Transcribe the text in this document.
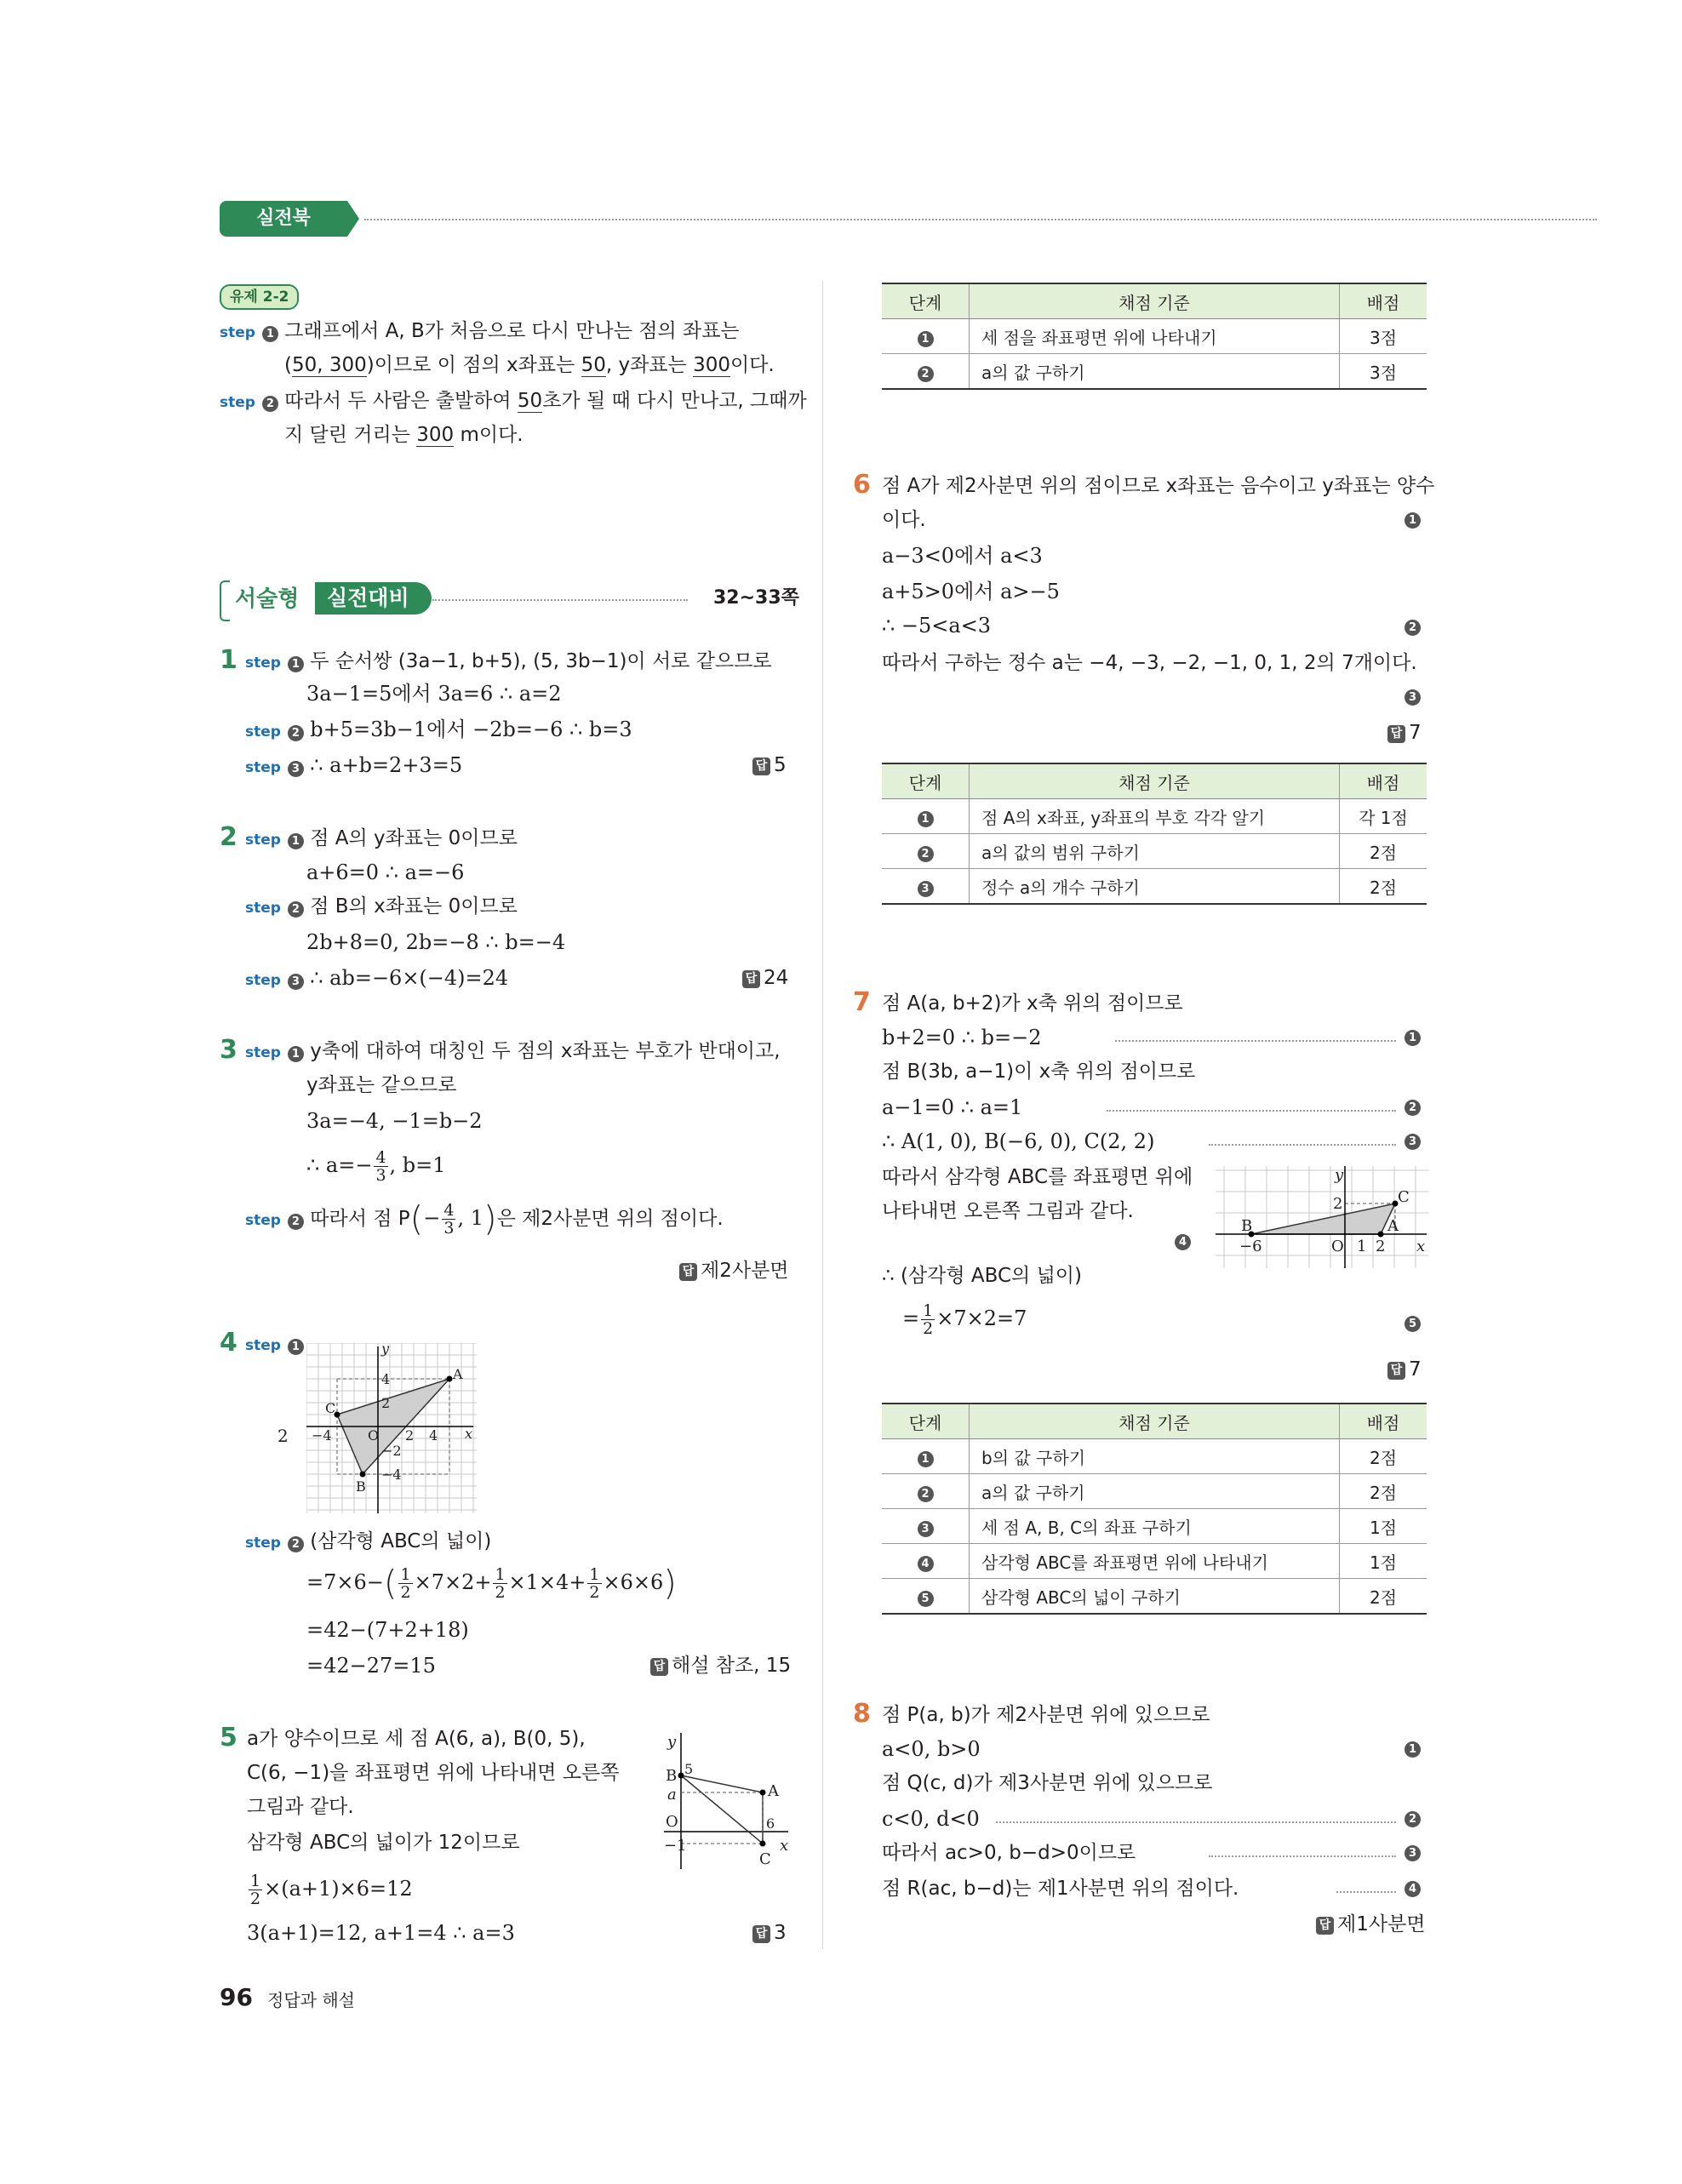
실전북
유제 2-2
step 1 그래프에서 A, B가 처음으로 다시 만나는 점의 좌표는
(50, 300)이므로 이 점의 x좌표는 50, y좌표는 300이다.
step 2 따라서 두 사람은 출발하여 50초가 될 때 다시 만나고, 그때까
지 달린 거리는 300 m이다.
서술형	실전대비	32~33쪽
1 step 1 두 순서쌍 (3a−1, b+5), (5, 3b−1)이 서로 같으므로
3a−1=5에서 3a=6 ∴ a=2
step 2 b+5=3b−1에서 −2b=−6 ∴ b=3
step 3 ∴ a+b=2+3=5	답 5
2 step 1 점 A의 y좌표는 0이므로
a+6=0 ∴ a=−6
step 2 점 B의 x좌표는 0이므로
2b+8=0, 2b=−8 ∴ b=−4
step 3 ∴ ab=−6×(−4)=24	답 24
3 step 1 y축에 대하여 대칭인 두 점의 x좌표는 부호가 반대이고,
y좌표는 같으므로
3a=−4, −1=b−2
∴ $a=- \frac{4}{3}$ , b=1
step 2 따라서 점 $P(- \frac{4}{3}$ , 1)은 제2사분면 위의 점이다.
답 제2사분면
4 step 1
2
y
x
O
A
C
B
4
2
−4
4
2
−2
−4
step 2 (삼각형 ABC의 넓이)
$=7\times 6-( \frac{1}{2} \times 7\times 2+ \frac{1}{2} \times 1\times 4+ \frac{1}{2} \times 6\times 6)$
=42−(7+2+18)
=42−27=15	답 해설 참조, 15
5 a가 양수이므로 세 점 A(6, a), B(0, 5),
C(6, −1)을 좌표평면 위에 나타내면 오른쪽
그림과 같다.
삼각형 ABC의 넓이가 12이므로
$\frac{1}{2} \times(a+1)\times 6=12$
3(a+1)=12, a+1=4 ∴ a=3	답 3
y
x
B 5
a
O
−1
A
6
C
단계	채점 기준	배점
1	세 점을 좌표평면 위에 나타내기	3점
2	a의 값 구하기	3점
6 점 A가 제2사분면 위의 점이므로 x좌표는 음수이고 y좌표는 양수
이다.	1
a−3<0에서 a<3
a+5>0에서 a>−5
∴ −5<a<3	2
따라서 구하는 정수 a는 −4, −3, −2, −1, 0, 1, 2의 7개이다.
3
답 7
단계	채점 기준	배점
1	점 A의 x좌표, y좌표의 부호 각각 알기	각 1점
2	a의 값의 범위 구하기	2점
3	정수 a의 개수 구하기	2점
7 점 A(a, b+2)가 x축 위의 점이므로
b+2=0 ∴ b=−2	1
점 B(3b, a−1)이 x축 위의 점이므로
a−1=0 ∴ a=1	2
∴ A(1, 0), B(−6, 0), C(2, 2)	3
따라서 삼각형 ABC를 좌표평면 위에
나타내면 오른쪽 그림과 같다.
4
y
x
2	C
B	A
−6	O 1 2
∴ (삼각형 ABC의 넓이)
= $\frac{1}{2} \times 7\times 2=7$	5
답 7
단계	채점 기준	배점
1	b의 값 구하기	2점
2	a의 값 구하기	2점
3	세 점 A, B, C의 좌표 구하기	1점
4	삼각형 ABC를 좌표평면 위에 나타내기	1점
5	삼각형 ABC의 넓이 구하기	2점
8 점 P(a, b)가 제2사분면 위에 있으므로
a<0, b>0	1
점 Q(c, d)가 제3사분면 위에 있으므로
c<0, d<0	2
따라서 ac>0, b−d>0이므로	3
점 R(ac, b−d)는 제1사분면 위의 점이다.	4
답 제1사분면
96 정답과 해설
